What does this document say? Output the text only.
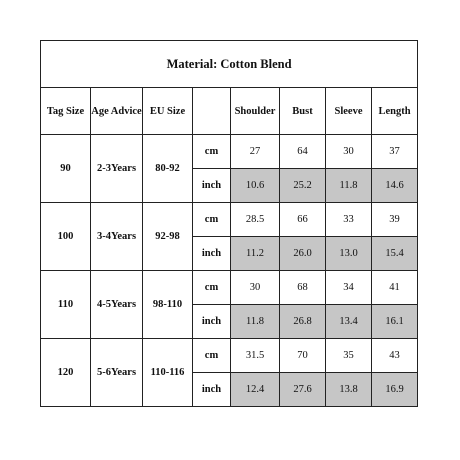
Material: Cotton Blend							
Tag Size	Age Advice	EU Size		Shoulder	Bust	Sleeve	Length
90	2-3Years	80-92	cm	27	64	30	37
			inch	10.6	25.2	11.8	14.6
100	3-4Years	92-98	cm	28.5	66	33	39
			inch	11.2	26.0	13.0	15.4
110	4-5Years	98-110	cm	30	68	34	41
			inch	11.8	26.8	13.4	16.1
120	5-6Years	110-116	cm	31.5	70	35	43
			inch	12.4	27.6	13.8	16.9
